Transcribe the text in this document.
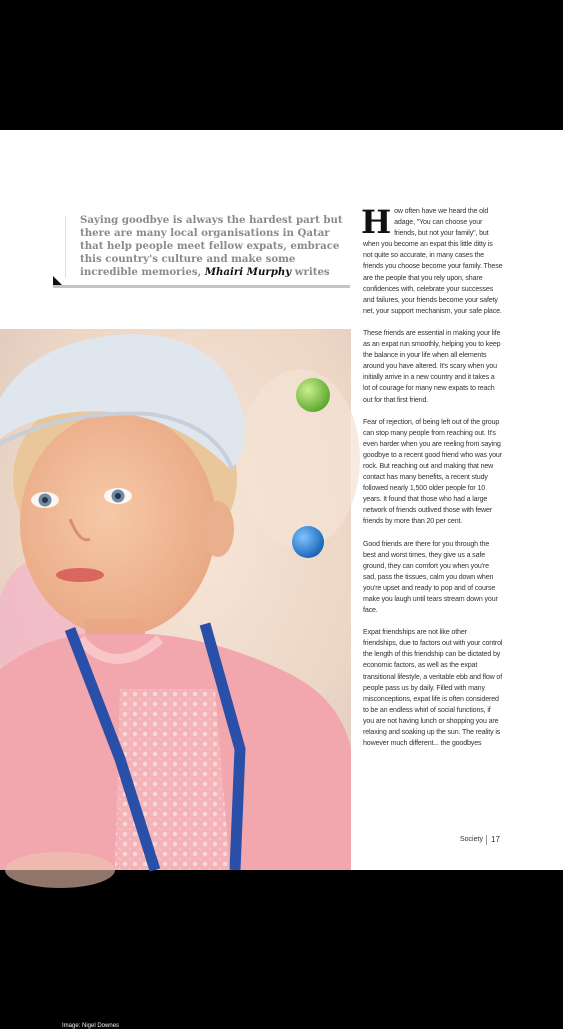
Saying goodbye is always the hardest part but there are many local organisations in Qatar that help people meet fellow expats, embrace this country's culture and make some incredible memories, Mhairi Murphy writes
Image: Nigel Downes

How often have we heard the old adage, "You can choose your friends, but not your family", but when you become an expat this little ditty is not quite so accurate, in many cases the friends you choose become your family. These are the people that you rely upon, share confidences with, celebrate your successes and failures, your friends become your safety net, your support mechanism, your safe place.

These friends are essential in making your life as an expat run smoothly, helping you to keep the balance in your life when all elements around you have altered. It's scary when you initially arrive in a new country and it takes a lot of courage for many new expats to reach out for that first friend.

Fear of rejection, of being left out of the group can stop many people from reaching out. It's even harder when you are reeling from saying goodbye to a recent good friend who was your rock. But reaching out and making that new contact has many benefits, a recent study followed nearly 1,500 older people for 10 years. It found that those who had a large network of friends outlived those with fewer friends by more than 20 per cent.

Good friends are there for you through the best and worst times, they give us a safe ground, they can comfort you when you're sad, pass the tissues, calm you down when you're upset and ready to pop and of course make you laugh until tears stream down your face.

Expat friendships are not like other friendships, due to factors out with your control the length of this friendship can be dictated by economic factors, as well as the expat transitional lifestyle, a veritable ebb and flow of people pass us by daily. Filled with many misconceptions, expat life is often considered to be an endless whirl of social functions, if you are not having lunch or shopping you are relaxing and soaking up the sun. The reality is however much different... the goodbyes

Society 17
